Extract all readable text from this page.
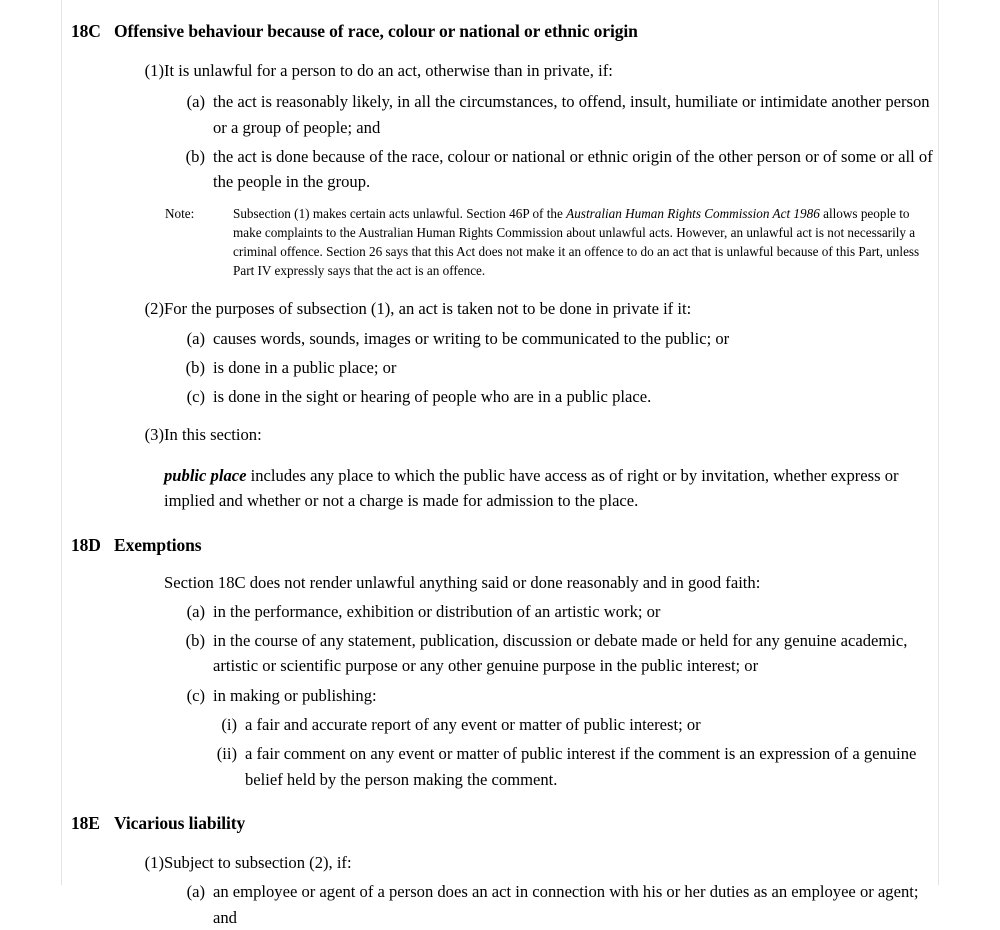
18C Offensive behaviour because of race, colour or national or ethnic origin
(1) It is unlawful for a person to do an act, otherwise than in private, if:
(a) the act is reasonably likely, in all the circumstances, to offend, insult, humiliate or intimidate another person or a group of people; and
(b) the act is done because of the race, colour or national or ethnic origin of the other person or of some or all of the people in the group.
Note:	Subsection (1) makes certain acts unlawful. Section 46P of the Australian Human Rights Commission Act 1986 allows people to make complaints to the Australian Human Rights Commission about unlawful acts. However, an unlawful act is not necessarily a criminal offence. Section 26 says that this Act does not make it an offence to do an act that is unlawful because of this Part, unless Part IV expressly says that the act is an offence.
(2) For the purposes of subsection (1), an act is taken not to be done in private if it:
(a) causes words, sounds, images or writing to be communicated to the public; or
(b) is done in a public place; or
(c) is done in the sight or hearing of people who are in a public place.
(3) In this section:
public place includes any place to which the public have access as of right or by invitation, whether express or implied and whether or not a charge is made for admission to the place.
18D Exemptions
Section 18C does not render unlawful anything said or done reasonably and in good faith:
(a) in the performance, exhibition or distribution of an artistic work; or
(b) in the course of any statement, publication, discussion or debate made or held for any genuine academic, artistic or scientific purpose or any other genuine purpose in the public interest; or
(c) in making or publishing:
(i) a fair and accurate report of any event or matter of public interest; or
(ii) a fair comment on any event or matter of public interest if the comment is an expression of a genuine belief held by the person making the comment.
18E Vicarious liability
(1) Subject to subsection (2), if:
(a) an employee or agent of a person does an act in connection with his or her duties as an employee or agent; and
